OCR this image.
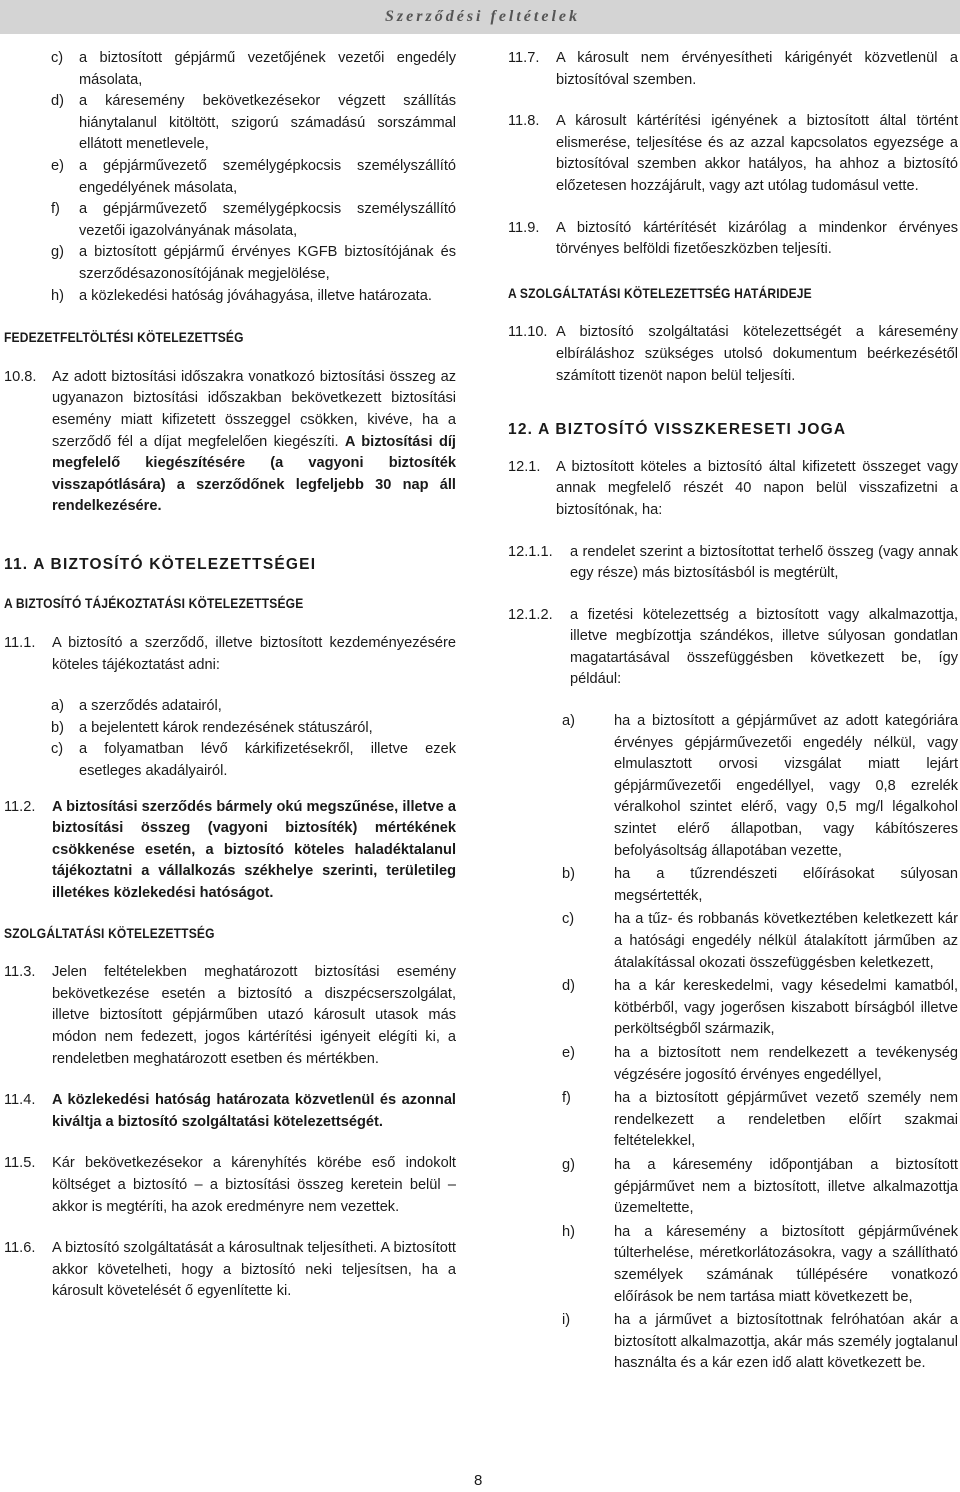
Szerződési feltételek
c) a biztosított gépjármű vezetőjének vezetői engedély másolata,
d) a káresemény bekövetkezésekor végzett szállítás hiánytalanul kitöltött, szigorú számadású sorszámmal ellátott menetlevele,
e) a gépjárművezető személygépkocsis személyszállító engedélyének másolata,
f) a gépjárművezető személygépkocsis személyszállító vezetői igazolványának másolata,
g) a biztosított gépjármű érvényes KGFB biztosítójának és szerződésazonosítójának megjelölése,
h) a közlekedési hatóság jóváhagyása, illetve határozata.
FEDEZETFELTÖLTÉSI KÖTELEZETTSÉG
10.8. Az adott biztosítási időszakra vonatkozó biztosítási összeg az ugyanazon biztosítási időszakban bekövetkezett biztosítási esemény miatt kifizetett összeggel csökken, kivéve, ha a szerződő fél a díjat megfelelően kiegészíti. A biztosítási díj megfelelő kiegészítésére (a vagyoni biztosíték visszapótlására) a szerződőnek legfeljebb 30 nap áll rendelkezésére.
11. A BIZTOSÍTÓ KÖTELEZETTSÉGEI
A BIZTOSÍTÓ TÁJÉKOZTATÁSI KÖTELEZETTSÉGE
11.1. A biztosító a szerződő, illetve biztosított kezdeményezésére köteles tájékoztatást adni:
a) a szerződés adatairól,
b) a bejelentett károk rendezésének státuszáról,
c) a folyamatban lévő kárkifizetésekről, illetve ezek esetleges akadályairól.
11.2. A biztosítási szerződés bármely okú megszűnése, illetve a biztosítási összeg (vagyoni biztosíték) mértékének csökkenése esetén, a biztosító köteles haladéktalanul tájékoztatni a vállalkozás székhelye szerinti, területileg illetékes közlekedési hatóságot.
SZOLGÁLTATÁSI KÖTELEZETTSÉG
11.3. Jelen feltételekben meghatározott biztosítási esemény bekövetkezése esetén a biztosító a diszpécserszolgálat, illetve biztosított gépjárműben utazó károsult utasok más módon nem fedezett, jogos kártérítési igényeit elégíti ki, a rendeletben meghatározott esetben és mértékben.
11.4. A közlekedési hatóság határozata közvetlenül és azonnal kiváltja a biztosító szolgáltatási kötelezettségét.
11.5. Kár bekövetkezésekor a kárenyhítés körébe eső indokolt költséget a biztosító – a biztosítási összeg keretein belül – akkor is megtéríti, ha azok eredményre nem vezettek.
11.6. A biztosító szolgáltatását a károsultnak teljesítheti. A biztosított akkor követelheti, hogy a biztosító neki teljesítsen, ha a károsult követelését ő egyenlítette ki.
11.7. A károsult nem érvényesítheti kárigényét közvetlenül a biztosítóval szemben.
11.8. A károsult kártérítési igényének a biztosított által történt elismerése, teljesítése és az azzal kapcsolatos egyezsége a biztosítóval szemben akkor hatályos, ha ahhoz a biztosító előzetesen hozzájárult, vagy azt utólag tudomásul vette.
11.9. A biztosító kártérítését kizárólag a mindenkor érvényes törvényes belföldi fizetőeszközben teljesíti.
A SZOLGÁLTATÁSI KÖTELEZETTSÉG HATÁRIDEJE
11.10. A biztosító szolgáltatási kötelezettségét a káresemény elbíráláshoz szükséges utolsó dokumentum beérkezésétől számított tizenöt napon belül teljesíti.
12. A BIZTOSÍTÓ VISSZKERESETI JOGA
12.1. A biztosított köteles a biztosító által kifizetett összeget vagy annak megfelelő részét 40 napon belül visszafizetni a biztosítónak, ha:
12.1.1. a rendelet szerint a biztosítottat terhelő összeg (vagy annak egy része) más biztosításból is megtérült,
12.1.2. a fizetési kötelezettség a biztosított vagy alkalmazottja, illetve megbízottja szándékos, illetve súlyosan gondatlan magatartásával összefüggésben következett be, így például:
a)	ha a biztosított a gépjárművet az adott kategóriára érvényes gépjárművezetői engedély nélkül, vagy elmulasztott orvosi vizsgálat miatt lejárt gépjárművezetői engedéllyel, vagy 0,8 ezrelék véralkohol szintet elérő, vagy 0,5 mg/l légalkohol szintet elérő állapotban, vagy kábítószeres befolyásoltság állapotában vezette,
b)	ha a tűzrendészeti előírásokat súlyosan megsértették,
c)	ha a tűz- és robbanás következtében keletkezett kár a hatósági engedély nélkül átalakított járműben az átalakítással okozati összefüggésben keletkezett,
d)	ha a kár kereskedelmi, vagy késedelmi kamatból, kötbérből, vagy jogerősen kiszabott bírságból illetve perköltségből származik,
e)	ha a biztosított nem rendelkezett a tevékenység végzésére jogosító érvényes engedéllyel,
f)	ha a biztosított gépjárművet vezető személy nem rendelkezett a rendeletben előírt szakmai feltételekkel,
g)	ha a káresemény időpontjában a biztosított gépjárművet nem a biztosított, illetve alkalmazottja üzemeltette,
h)	ha a káresemény a biztosított gépjárművének túlterhelése, méretkorlátozásokra, vagy a szállítható személyek számának túllépésére vonatkozó előírások be nem tartása miatt következett be,
i)	ha a járművet a biztosítottnak felróhatóan akár a biztosított alkalmazottja, akár más személy jogtalanul használta és a kár ezen idő alatt következett be.
8
